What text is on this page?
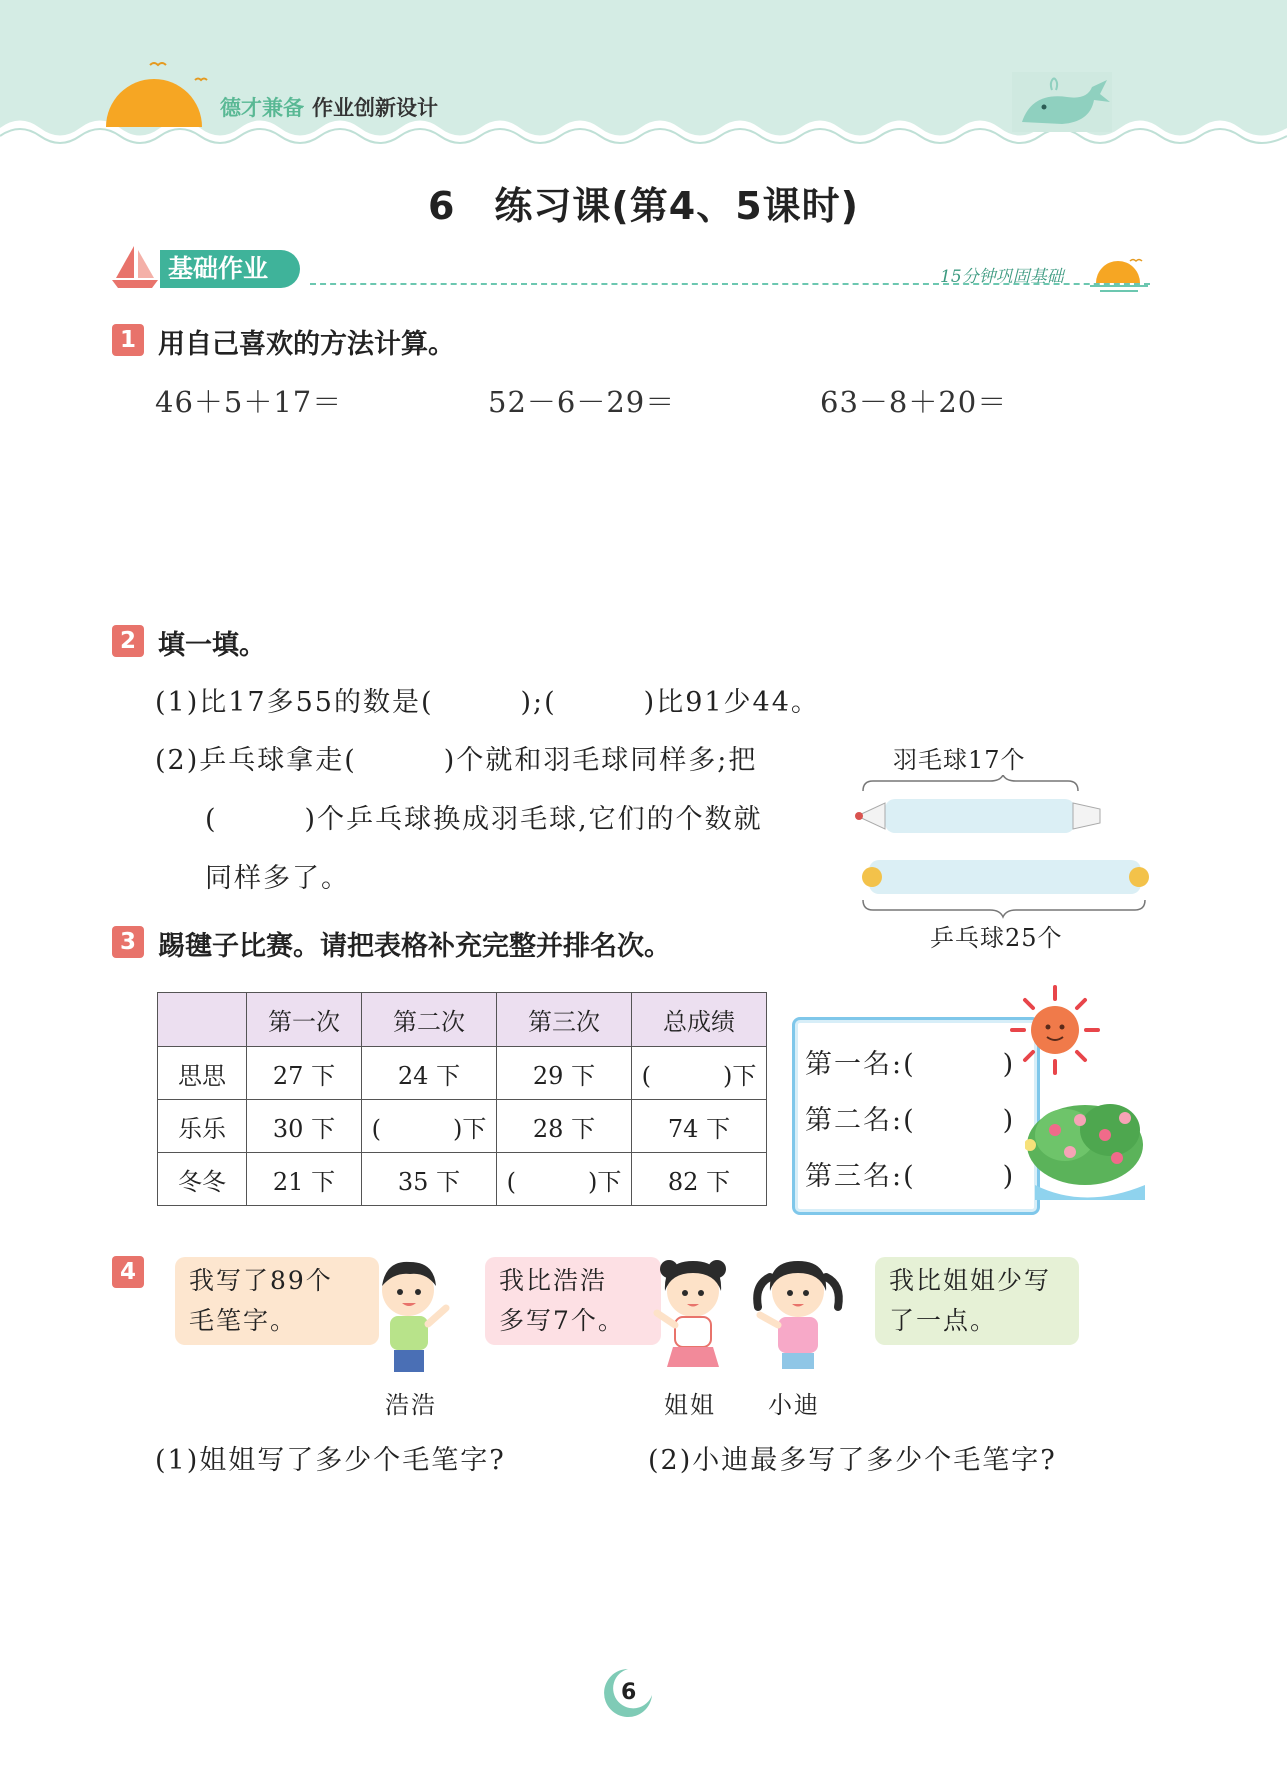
德才兼备 作业创新设计
6　练习课(第4、5课时)
基础作业	15分钟巩固基础
1 用自己喜欢的方法计算。
46＋5＋17＝	52－6－29＝	63－8＋20＝
2 填一填。
(1)比17多55的数是(　　　);(　　　)比91少44。
(2)乒乓球拿走(　　　)个就和羽毛球同样多;把
(　　　)个乒乓球换成羽毛球,它们的个数就
同样多了。
羽毛球17个
乒乓球25个
3 踢毽子比赛。请把表格补充完整并排名次。
	第一次	第二次	第三次	总成绩
思思	27 下	24 下	29 下	(　　　)下
乐乐	30 下	(　　　)下	28 下	74 下
冬冬	21 下	35 下	(　　　)下	82 下
第一名:(　　　)
第二名:(　　　)
第三名:(　　　)
4	我写了89个
毛笔字。
浩浩
我比浩浩
多写7个。
姐姐 小迪
我比姐姐少写
了一点。
(1)姐姐写了多少个毛笔字?	(2)小迪最多写了多少个毛笔字?
6
